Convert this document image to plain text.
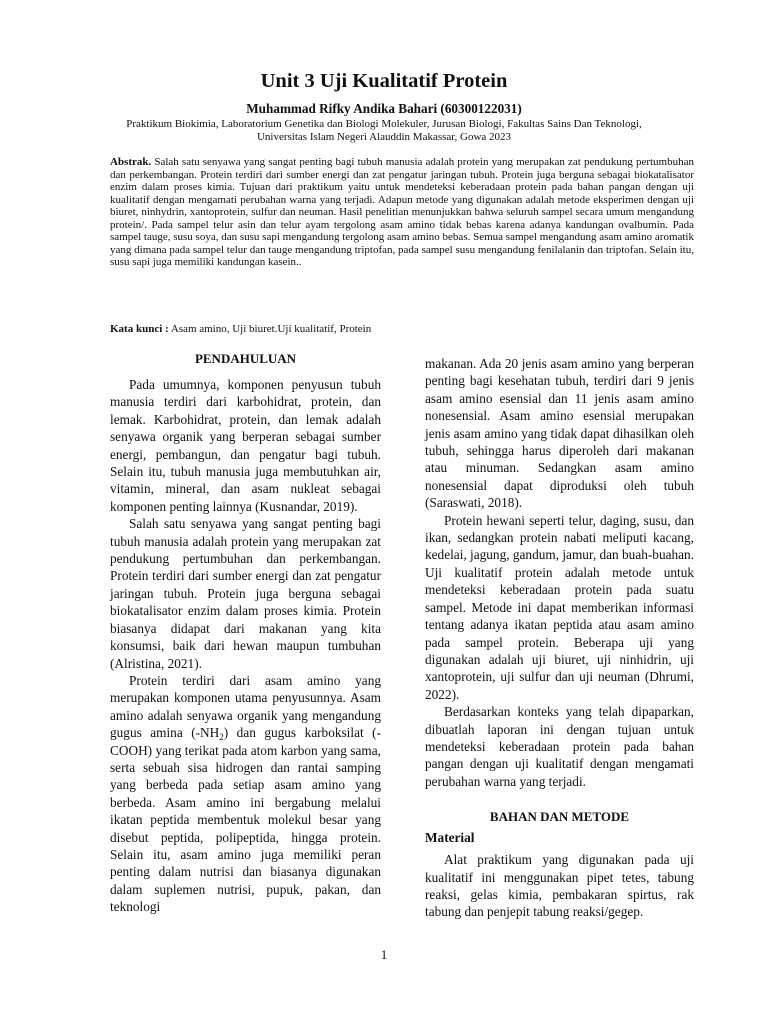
Unit 3 Uji Kualitatif Protein
Muhammad Rifky Andika Bahari (60300122031)
Praktikum Biokimia, Laboratorium Genetika dan Biologi Molekuler, Jurusan Biologi, Fakultas Sains Dan Teknologi,
Universitas Islam Negeri Alauddin Makassar, Gowa 2023
Abstrak. Salah satu senyawa yang sangat penting bagi tubuh manusia adalah protein yang merupakan zat pendukung pertumbuhan dan perkembangan. Protein terdiri dari sumber energi dan zat pengatur jaringan tubuh. Protein juga berguna sebagai biokatalisator enzim dalam proses kimia. Tujuan dari praktikum yaitu untuk mendeteksi keberadaan protein pada bahan pangan dengan uji kualitatif dengan mengamati perubahan warna yang terjadi. Adapun metode yang digunakan adalah metode eksperimen dengan uji biuret, ninhydrin, xantoprotein, sulfur dan neuman. Hasil penelitian menunjukkan bahwa seluruh sampel secara umum mengandung protein/. Pada sampel telur asin dan telur ayam tergolong asam amino tidak bebas karena adanya kandungan ovalbumin. Pada sampel tauge, susu soya, dan susu sapi mengandung tergolong asam amino bebas. Semua sampel mengandung asam amino aromatik yang dimana pada sampel telur dan tauge mengandung triptofan, pada sampel susu mengandung fenilalanin dan triptofan. Selain itu, susu sapi juga memiliki kandungan kasein..
Kata kunci : Asam amino, Uji biuret.Uji kualitatif, Protein

PENDAHULUAN

Pada umumnya, komponen penyusun tubuh manusia terdiri dari karbohidrat, protein, dan lemak. Karbohidrat, protein, dan lemak adalah senyawa organik yang berperan sebagai sumber energi, pembangun, dan pengatur bagi tubuh. Selain itu, tubuh manusia juga membutuhkan air, vitamin, mineral, dan asam nukleat sebagai komponen penting lainnya (Kusnandar, 2019).

Salah satu senyawa yang sangat penting bagi tubuh manusia adalah protein yang merupakan zat pendukung pertumbuhan dan perkembangan. Protein terdiri dari sumber energi dan zat pengatur jaringan tubuh. Protein juga berguna sebagai biokatalisator enzim dalam proses kimia. Protein biasanya didapat dari makanan yang kita konsumsi, baik dari hewan maupun tumbuhan (Alristina, 2021).

Protein terdiri dari asam amino yang merupakan komponen utama penyusunnya. Asam amino adalah senyawa organik yang mengandung gugus amina $(-NH_2)$ dan gugus karboksilat (-COOH) yang terikat pada atom karbon yang sama, serta sebuah sisa hidrogen dan rantai samping yang berbeda pada setiap asam amino yang berbeda. Asam amino ini bergabung melalui ikatan peptida membentuk molekul besar yang disebut peptida, polipeptida, hingga protein. Selain itu, asam amino juga memiliki peran penting dalam nutrisi dan biasanya digunakan dalam suplemen nutrisi, pupuk, pakan, dan teknologi

makanan. Ada 20 jenis asam amino yang berperan penting bagi kesehatan tubuh, terdiri dari 9 jenis asam amino esensial dan 11 jenis asam amino nonesensial. Asam amino esensial merupakan jenis asam amino yang tidak dapat dihasilkan oleh tubuh, sehingga harus diperoleh dari makanan atau minuman. Sedangkan asam amino nonesensial dapat diproduksi oleh tubuh (Saraswati, 2018).

Protein hewani seperti telur, daging, susu, dan ikan, sedangkan protein nabati meliputi kacang, kedelai, jagung, gandum, jamur, dan buah-buahan. Uji kualitatif protein adalah metode untuk mendeteksi keberadaan protein pada suatu sampel. Metode ini dapat memberikan informasi tentang adanya ikatan peptida atau asam amino pada sampel protein. Beberapa uji yang digunakan adalah uji biuret, uji ninhidrin, uji xantoprotein, uji sulfur dan uji neuman (Dhrumi, 2022).

Berdasarkan konteks yang telah dipaparkan, dibuatlah laporan ini dengan tujuan untuk mendeteksi keberadaan protein pada bahan pangan dengan uji kualitatif dengan mengamati perubahan warna yang terjadi.

BAHAN DAN METODE

Material

Alat praktikum yang digunakan pada uji kualitatif ini menggunakan pipet tetes, tabung reaksi, gelas kimia, pembakaran spirtus, rak tabung dan penjepit tabung reaksi/gegep.

1
